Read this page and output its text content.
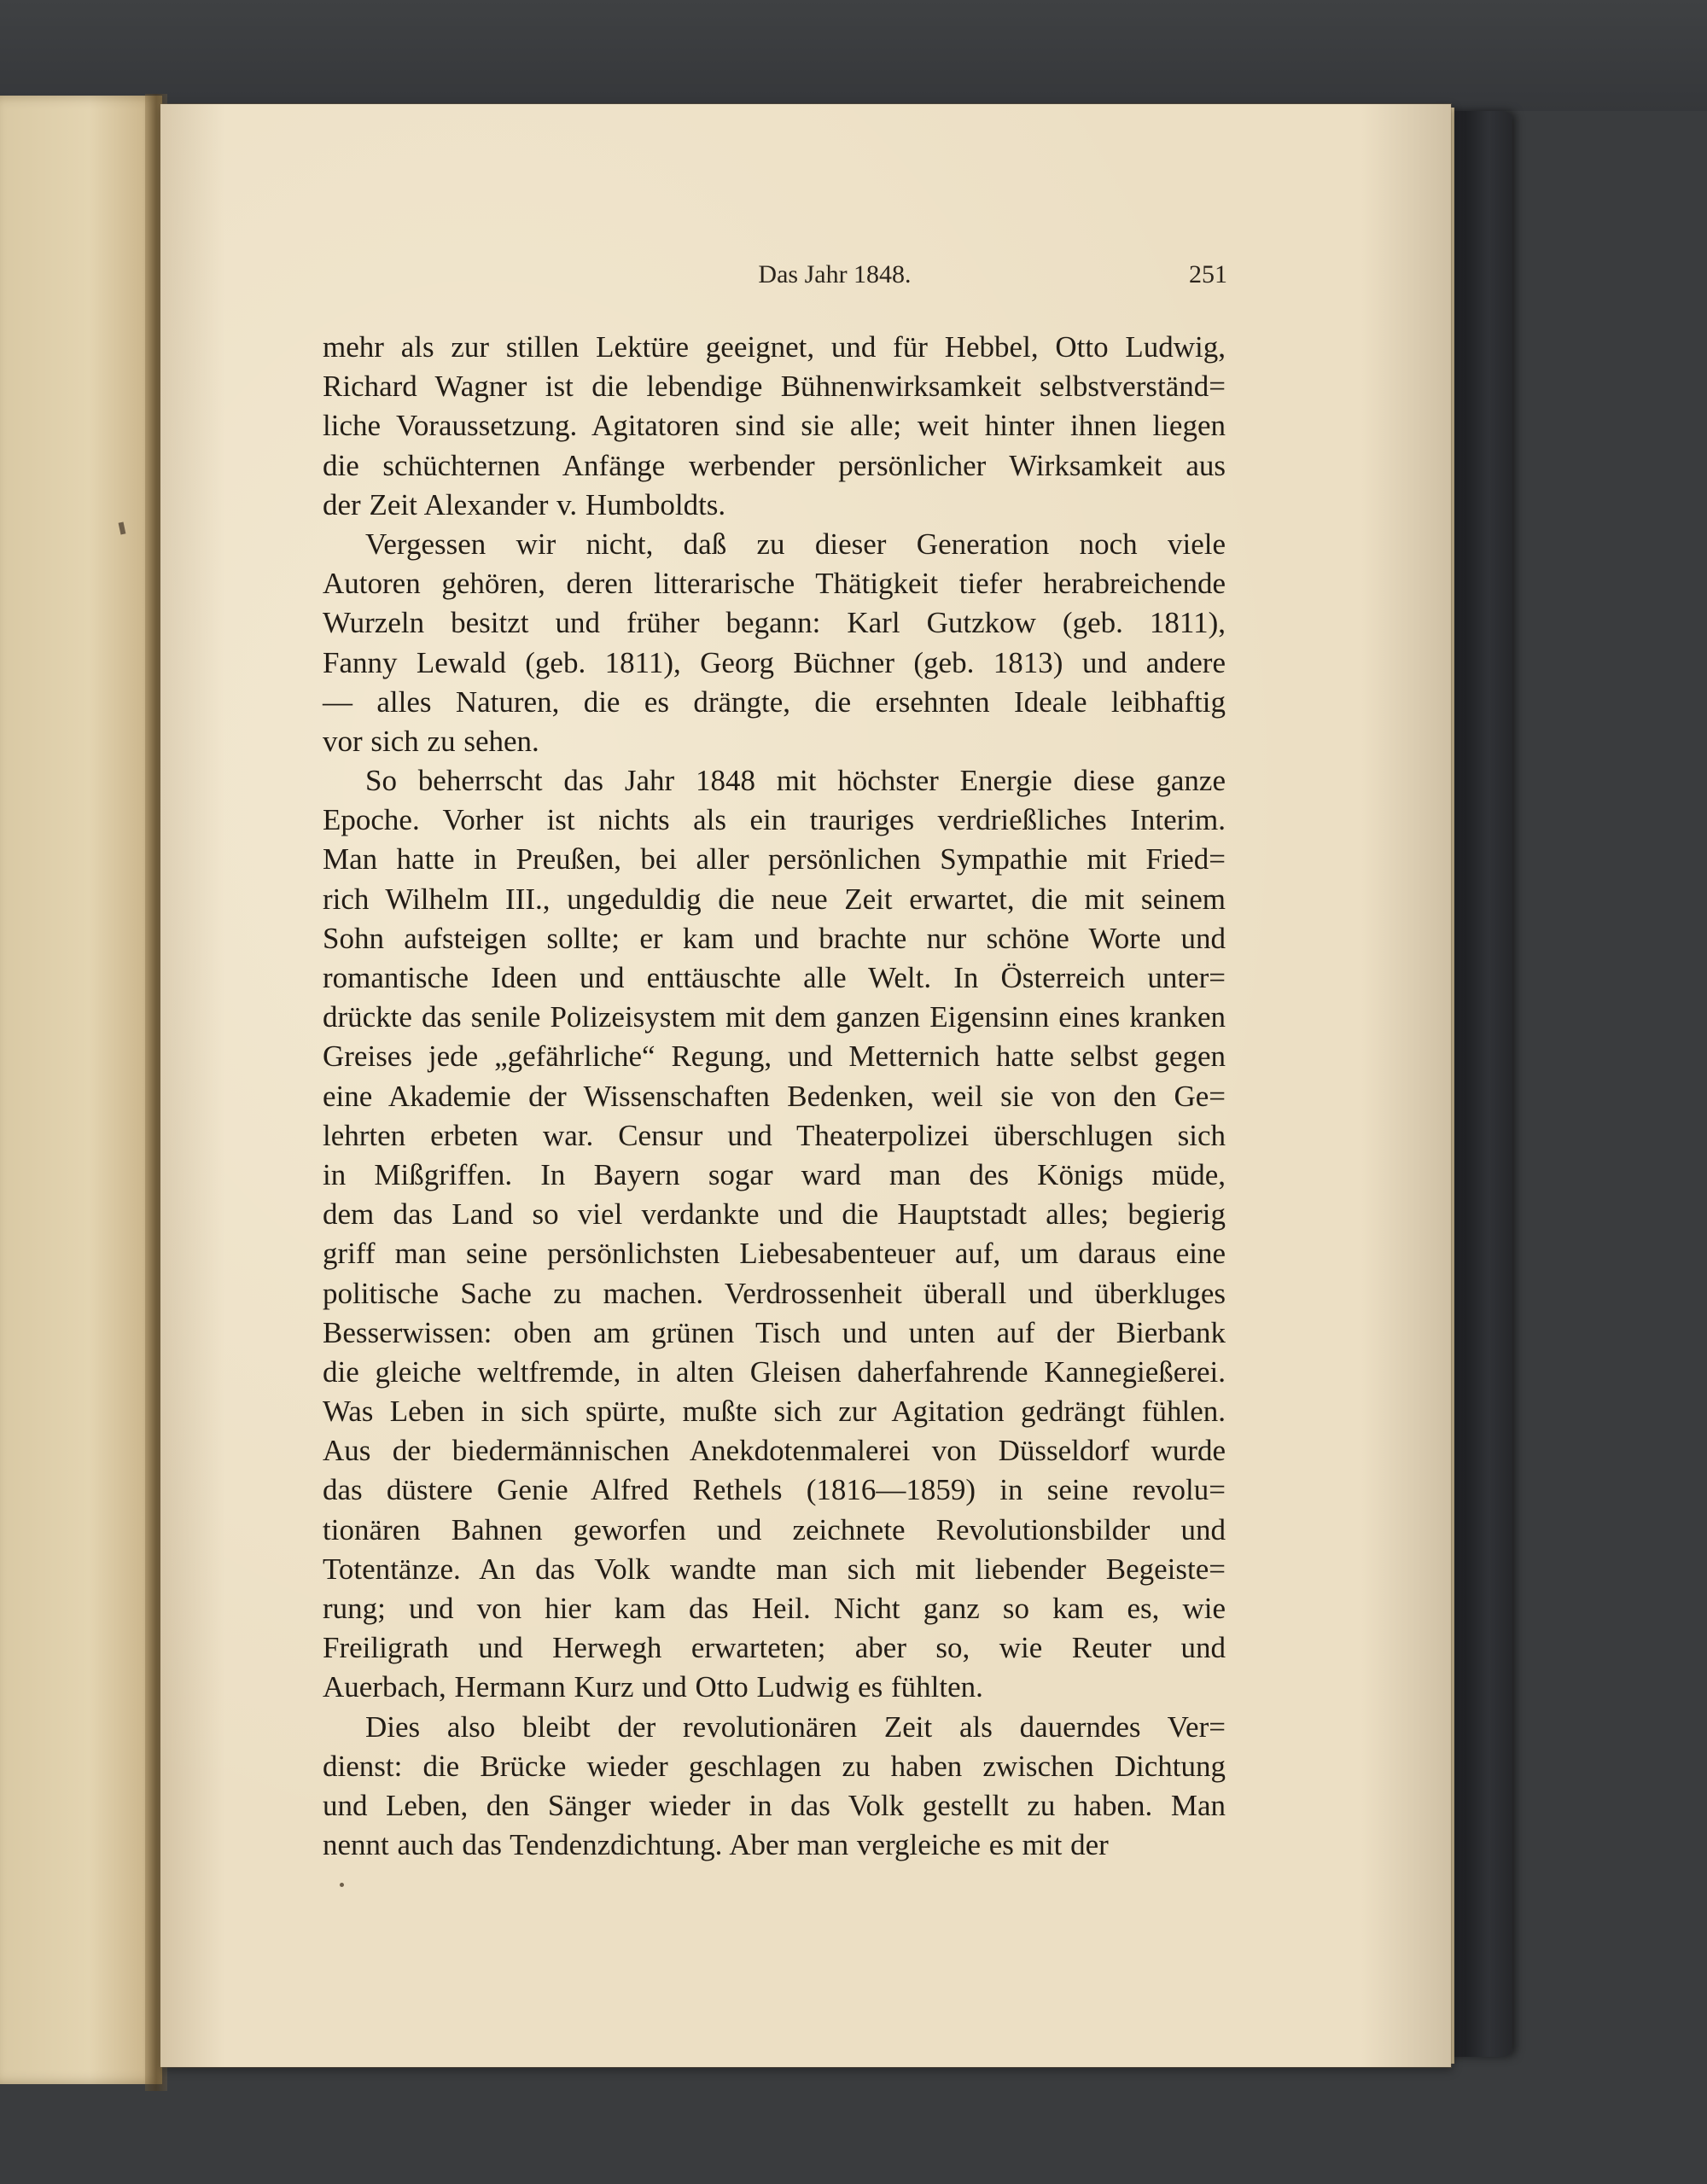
Das Jahr 1848.	251
mehr als zur stillen Lektüre geeignet, und für Hebbel, Otto Ludwig,
Richard Wagner ist die lebendige Bühnenwirksamkeit selbstverständ=
liche Voraussetzung. Agitatoren sind sie alle; weit hinter ihnen liegen
die schüchternen Anfänge werbender persönlicher Wirksamkeit aus
der Zeit Alexander v. Humboldts.
Vergessen wir nicht, daß zu dieser Generation noch viele
Autoren gehören, deren litterarische Thätigkeit tiefer herabreichende
Wurzeln besitzt und früher begann: Karl Gutzkow (geb. 1811),
Fanny Lewald (geb. 1811), Georg Büchner (geb. 1813) und andere
— alles Naturen, die es drängte, die ersehnten Ideale leibhaftig
vor sich zu sehen.
So beherrscht das Jahr 1848 mit höchster Energie diese ganze
Epoche. Vorher ist nichts als ein trauriges verdrießliches Interim.
Man hatte in Preußen, bei aller persönlichen Sympathie mit Fried=
rich Wilhelm III., ungeduldig die neue Zeit erwartet, die mit seinem
Sohn aufsteigen sollte; er kam und brachte nur schöne Worte und
romantische Ideen und enttäuschte alle Welt. In Österreich unter=
drückte das senile Polizeisystem mit dem ganzen Eigensinn eines kranken
Greises jede „gefährliche“ Regung, und Metternich hatte selbst gegen
eine Akademie der Wissenschaften Bedenken, weil sie von den Ge=
lehrten erbeten war. Censur und Theaterpolizei überschlugen sich
in Mißgriffen. In Bayern sogar ward man des Königs müde,
dem das Land so viel verdankte und die Hauptstadt alles; begierig
griff man seine persönlichsten Liebesabenteuer auf, um daraus eine
politische Sache zu machen. Verdrossenheit überall und überkluges
Besserwissen: oben am grünen Tisch und unten auf der Bierbank
die gleiche weltfremde, in alten Gleisen daherfahrende Kannegießerei.
Was Leben in sich spürte, mußte sich zur Agitation gedrängt fühlen.
Aus der biedermännischen Anekdotenmalerei von Düsseldorf wurde
das düstere Genie Alfred Rethels (1816—1859) in seine revolu=
tionären Bahnen geworfen und zeichnete Revolutionsbilder und
Totentänze. An das Volk wandte man sich mit liebender Begeiste=
rung; und von hier kam das Heil. Nicht ganz so kam es, wie
Freiligrath und Herwegh erwarteten; aber so, wie Reuter und
Auerbach, Hermann Kurz und Otto Ludwig es fühlten.
Dies also bleibt der revolutionären Zeit als dauerndes Ver=
dienst: die Brücke wieder geschlagen zu haben zwischen Dichtung
und Leben, den Sänger wieder in das Volk gestellt zu haben. Man
nennt auch das Tendenzdichtung. Aber man vergleiche es mit der
